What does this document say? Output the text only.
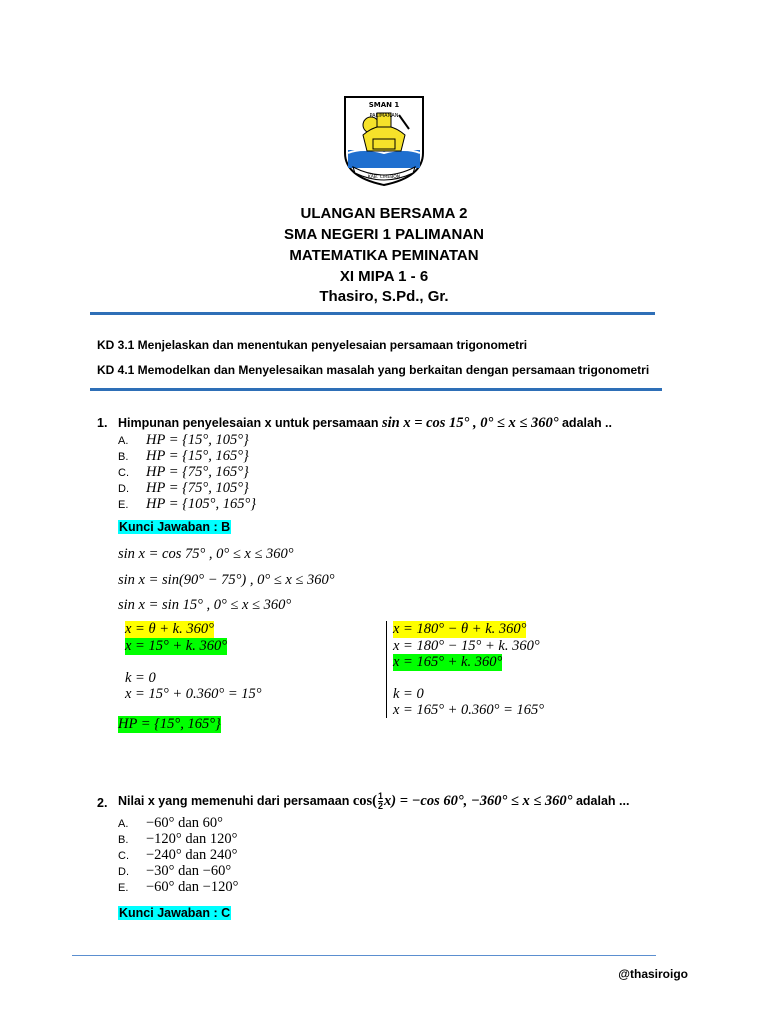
SMAN 1
PALIMANAN
KAB. CIREBON
ULANGAN BERSAMA 2
SMA NEGERI 1 PALIMANAN
MATEMATIKA PEMINATAN
XI MIPA 1 - 6
Thasiro, S.Pd., Gr.
KD 3.1 Menjelaskan dan menentukan penyelesaian persamaan trigonometri
KD 4.1 Memodelkan dan Menyelesaikan masalah yang berkaitan dengan persamaan trigonometri
1. Himpunan penyelesaian x untuk persamaan sin x = cos 15° , 0° ≤ x ≤ 360° adalah ..
A. HP = {15°, 105°}
B. HP = {15°, 165°}
C. HP = {75°, 165°}
D. HP = {75°, 105°}
E. HP = {105°, 165°}
Kunci Jawaban : B
sin x = cos 75° , 0° ≤ x ≤ 360°
sin x = sin(90° − 75°) , 0° ≤ x ≤ 360°
sin x = sin 15° , 0° ≤ x ≤ 360°
x = θ + k. 360°
x = 15° + k. 360°
k = 0
x = 15° + 0.360° = 15°
x = 180° − θ + k. 360°
x = 180° − 15° + k. 360°
x = 165° + k. 360°
k = 0
x = 165° + 0.360° = 165°
HP = {15°, 165°}
2. Nilai x yang memenuhi dari persamaan $\cos( \frac{1}{2} x) = -\cos$ 60°, −360° ≤ x ≤ 360° adalah ...
A. −60° dan 60°
B. −120° dan 120°
C. −240° dan 240°
D. −30° dan −60°
E. −60° dan −120°
Kunci Jawaban : C
@thasiroigo
